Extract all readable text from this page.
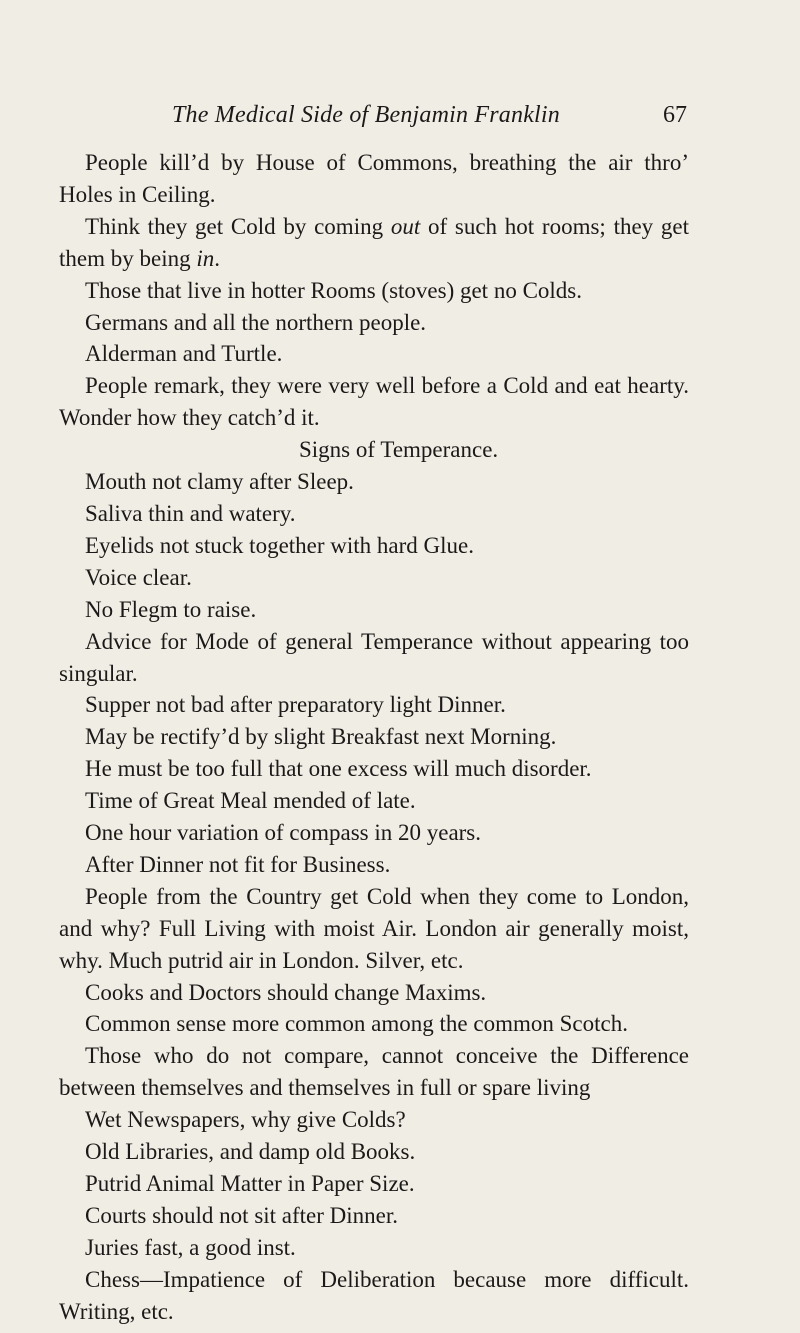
The Medical Side of Benjamin Franklin	67

People kill’d by House of Commons, breathing the air thro’ Holes in Ceiling.

Think they get Cold by coming out of such hot rooms; they get them by being in.

Those that live in hotter Rooms (stoves) get no Colds.

Germans and all the northern people.

Alderman and Turtle.

People remark, they were very well before a Cold and eat hearty. Wonder how they catch’d it.

Signs of Temperance.

Mouth not clamy after Sleep.

Saliva thin and watery.

Eyelids not stuck together with hard Glue.

Voice clear.

No Flegm to raise.

Advice for Mode of general Temperance without appearing too singular.

Supper not bad after preparatory light Dinner.

May be rectify’d by slight Breakfast next Morning.

He must be too full that one excess will much disorder.

Time of Great Meal mended of late.

One hour variation of compass in 20 years.

After Dinner not fit for Business.

People from the Country get Cold when they come to London, and why? Full Living with moist Air. London air generally moist, why. Much putrid air in London. Silver, etc.

Cooks and Doctors should change Maxims.

Common sense more common among the common Scotch.

Those who do not compare, cannot conceive the Difference between themselves and themselves in full or spare living

Wet Newspapers, why give Colds?

Old Libraries, and damp old Books.

Putrid Animal Matter in Paper Size.

Courts should not sit after Dinner.

Juries fast, a good inst.

Chess—Impatience of Deliberation because more difficult. Writing, etc.
